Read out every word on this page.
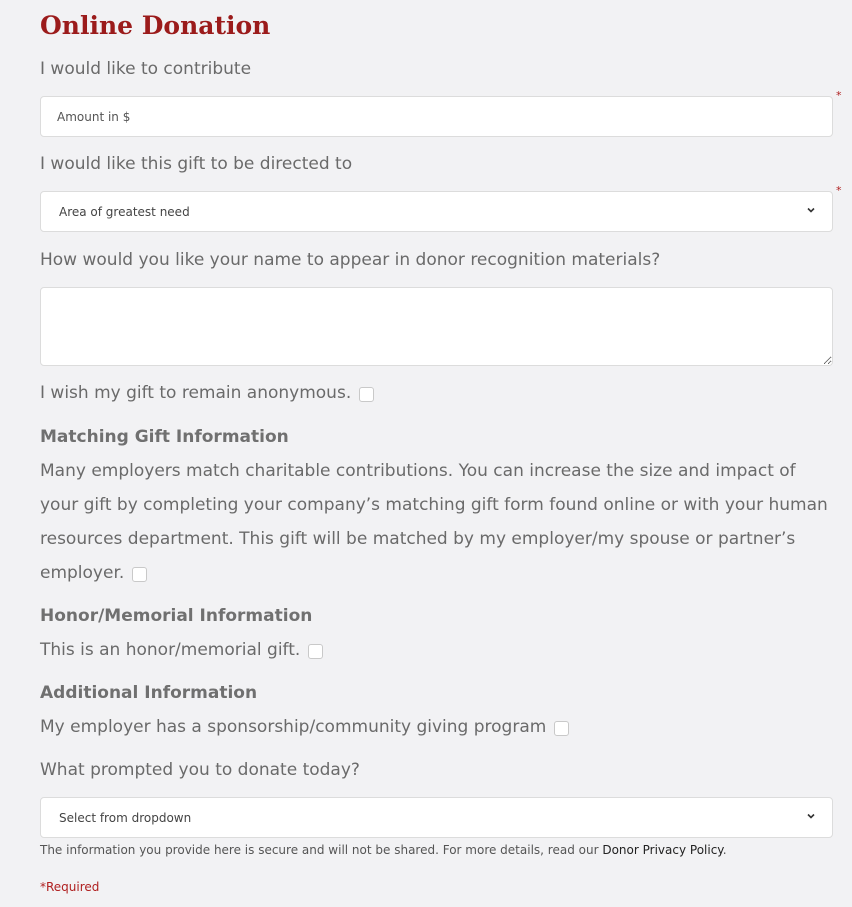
Online Donation
I would like to contribute
Amount in $
*
I would like this gift to be directed to
Area of greatest need
*
How would you like your name to appear in donor recognition materials?
I wish my gift to remain anonymous.
Matching Gift Information
Many employers match charitable contributions. You can increase the size and impact of your gift by completing your company’s matching gift form found online or with your human resources department. This gift will be matched by my employer/my spouse or partner’s employer.
Honor/Memorial Information
This is an honor/memorial gift.
Additional Information
My employer has a sponsorship/community giving program
What prompted you to donate today?
Select from dropdown
The information you provide here is secure and will not be shared. For more details, read our Donor Privacy Policy.
*Required
